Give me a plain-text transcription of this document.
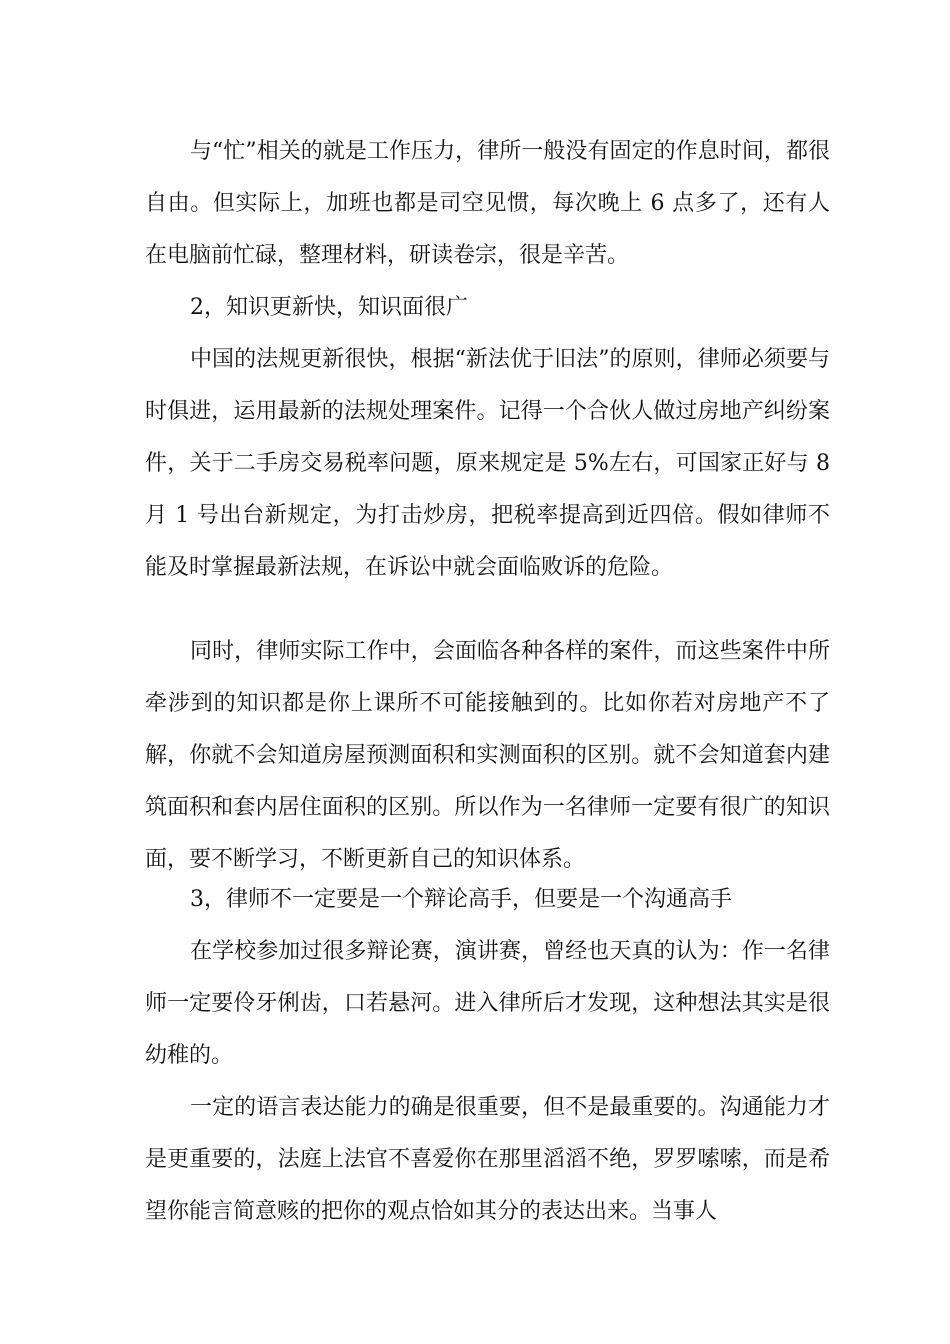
与“忙”相关的就是工作压力，律所一般没有固定的作息时间，都很自由。但实际上，加班也都是司空见惯，每次晚上 6 点多了，还有人在电脑前忙碌，整理材料，研读卷宗，很是辛苦。

2，知识更新快，知识面很广

中国的法规更新很快，根据“新法优于旧法”的原则，律师必须要与时俱进，运用最新的法规处理案件。记得一个合伙人做过房地产纠纷案件，关于二手房交易税率问题，原来规定是 5%左右，可国家正好与 8 月 1 号出台新规定，为打击炒房，把税率提高到近四倍。假如律师不能及时掌握最新法规，在诉讼中就会面临败诉的危险。

同时，律师实际工作中，会面临各种各样的案件，而这些案件中所牵涉到的知识都是你上课所不可能接触到的。比如你若对房地产不了解，你就不会知道房屋预测面积和实测面积的区别。就不会知道套内建筑面积和套内居住面积的区别。所以作为一名律师一定要有很广的知识面，要不断学习，不断更新自己的知识体系。

3，律师不一定要是一个辩论高手，但要是一个沟通高手

在学校参加过很多辩论赛，演讲赛，曾经也天真的认为：作一名律师一定要伶牙俐齿，口若悬河。进入律所后才发现，这种想法其实是很幼稚的。

一定的语言表达能力的确是很重要，但不是最重要的。沟通能力才是更重要的，法庭上法官不喜爱你在那里滔滔不绝，罗罗嗦嗦，而是希望你能言简意赅的把你的观点恰如其分的表达出来。当事人
